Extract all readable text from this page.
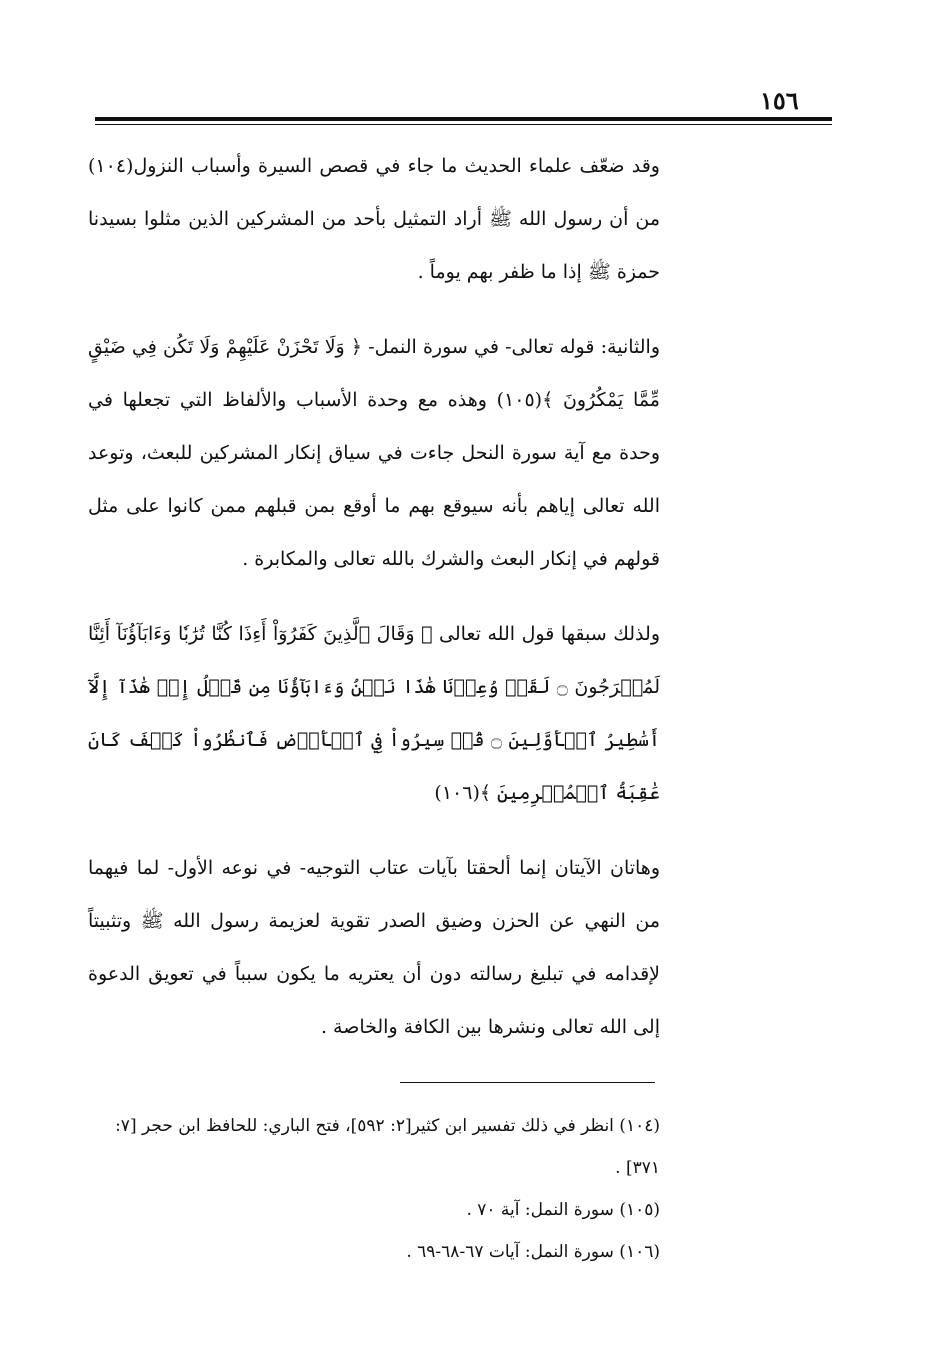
١٥٦

وقد ضعّف علماء الحديث ما جاء في قصص السيرة وأسباب النزول(١٠٤) من أن رسول الله ﷺ أراد التمثيل بأحد من المشركين الذين مثلوا بسيدنا حمزة ﷺ إذا ما ظفر بهم يوماً .

والثانية: قوله تعالى- في سورة النمل- ﴿ وَلَا تَحْزَنْ عَلَيْهِمْ وَلَا تَكُن فِي ضَيْقٍ مِّمَّا يَمْكُرُونَ ﴾(١٠٥) وهذه مع وحدة الأسباب والألفاظ التي تجعلها في وحدة مع آية سورة النحل جاءت في سياق إنكار المشركين للبعث، وتوعد الله تعالى إياهم بأنه سيوقع بهم ما أوقع بمن قبلهم ممن كانوا على مثل قولهم في إنكار البعث والشرك بالله تعالى والمكابرة .

ولذلك سبقها قول الله تعالى ﴿ وَقَالَ ٱلَّذِينَ كَفَرُوٓاْ أَءِذَا كُنَّا تُرَٰبٗا وَءَابَآؤُنَآ أَئِنَّا لَمُخۡرَجُونَ ۝ لَقَدۡ وُعِدۡنَا هَٰذَا نَحۡنُ وَءَابَآؤُنَا مِن قَبۡلُ إِنۡ هَٰذَآ إِلَّآ أَسَٰطِيرُ ٱلۡأَوَّلِينَ ۝ قُلۡ سِيرُواْ فِي ٱلۡأَرۡضِ فَٱنظُرُواْ كَيۡفَ كَانَ عَٰقِبَةُ ٱلۡمُجۡرِمِينَ ﴾(١٠٦)

وهاتان الآيتان إنما ألحقتا بآيات عتاب التوجيه- في نوعه الأول- لما فيهما من النهي عن الحزن وضيق الصدر تقوية لعزيمة رسول الله ﷺ وتثبيتاً لإقدامه في تبليغ رسالته دون أن يعتريه ما يكون سبباً في تعويق الدعوة إلى الله تعالى ونشرها بين الكافة والخاصة .

(١٠٤) انظر في ذلك تفسير ابن كثير[٢: ٥٩٢]، فتح الباري: للحافظ ابن حجر [٧: ٣٧١] .

(١٠٥) سورة النمل: آية ٧٠ .

(١٠٦) سورة النمل: آيات ٦٧-٦٨-٦٩ .
